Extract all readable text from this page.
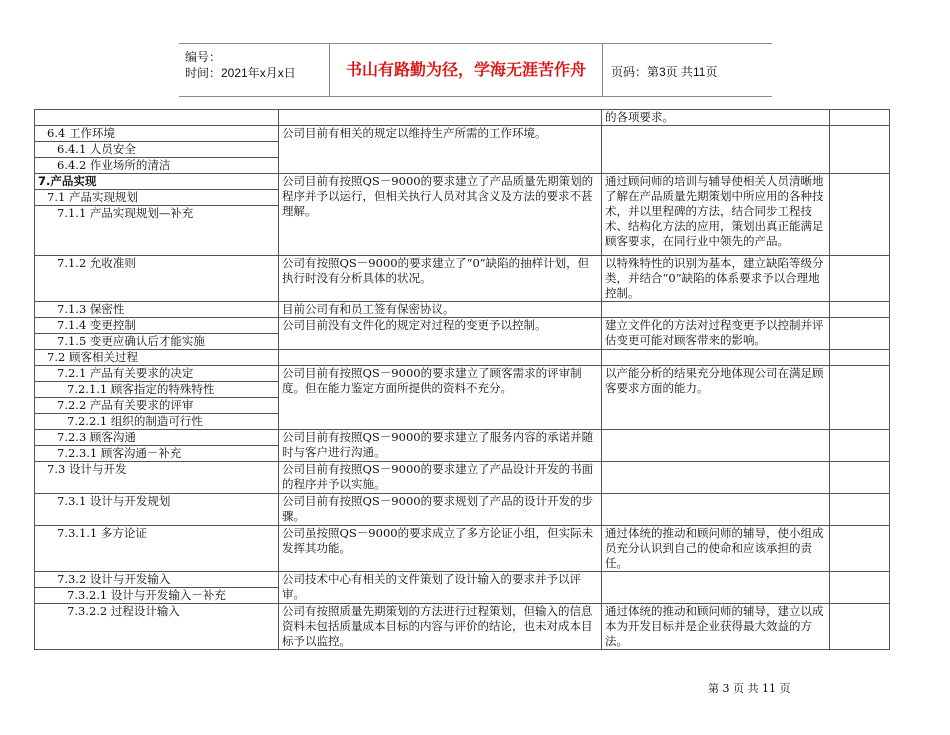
编号：
时间：2021年x月x日	书山有路勤为径，学海无涯苦作舟	页码：第3页 共11页
		的各项要求。	
6.4 工作环境	公司目前有相关的规定以维持生产所需的工作环境。		
6.4.1 人员安全			
6.4.2 作业场所的清洁			
7.产品实现	公司目前有按照QS－9000的要求建立了产品质量先期策划的程序并予以运行，但相关执行人员对其含义及方法的要求不甚理解。	通过顾问师的培训与辅导使相关人员清晰地了解在产品质量先期策划中所应用的各种技术，并以里程碑的方法，结合同步工程技术、结构化方法的应用，策划出真正能满足顾客要求，在同行业中领先的产品。	
7.1 产品实现规划			
7.1.1 产品实现规划—补充			
7.1.2 允收准则	公司有按照QS－9000的要求建立了“0”缺陷的抽样计划，但执行时没有分析具体的状况。	以特殊特性的识别为基本，建立缺陷等级分类，并结合“0”缺陷的体系要求予以合理地控制。	
7.1.3 保密性	目前公司有和员工签有保密协议。		
7.1.4 变更控制	公司目前没有文件化的规定对过程的变更予以控制。	建立文件化的方法对过程变更予以控制并评估变更可能对顾客带来的影响。	
7.1.5 变更应确认后才能实施			
7.2 顾客相关过程			
7.2.1 产品有关要求的决定	公司目前有按照QS－9000的要求建立了顾客需求的评审制度。但在能力鉴定方面所提供的资料不充分。	以产能分析的结果充分地体现公司在满足顾客要求方面的能力。	
7.2.1.1 顾客指定的特殊特性			
7.2.2 产品有关要求的评审			
7.2.2.1 组织的制造可行性			
7.2.3 顾客沟通	公司目前有按照QS－9000的要求建立了服务内容的承诺并随时与客户进行沟通。		
7.2.3.1 顾客沟通－补充			
7.3 设计与开发	公司目前有按照QS－9000的要求建立了产品设计开发的书面的程序并予以实施。		
7.3.1 设计与开发规划	公司目前有按照QS－9000的要求规划了产品的设计开发的步骤。		
7.3.1.1 多方论证	公司虽按照QS－9000的要求成立了多方论证小组，但实际未发挥其功能。	通过体统的推动和顾问师的辅导，使小组成员充分认识到自己的使命和应该承担的责任。	
7.3.2 设计与开发输入	公司技术中心有相关的文件策划了设计输入的要求并予以评审。		
7.3.2.1 设计与开发输入－补充			
7.3.2.2 过程设计输入	公司有按照质量先期策划的方法进行过程策划，但输入的信息资料未包括质量成本目标的内容与评价的结论，也未对成本目标予以监控。	通过体统的推动和顾问师的辅导，建立以成本为开发目标并是企业获得最大效益的方法。	
第 3 页 共 11 页
